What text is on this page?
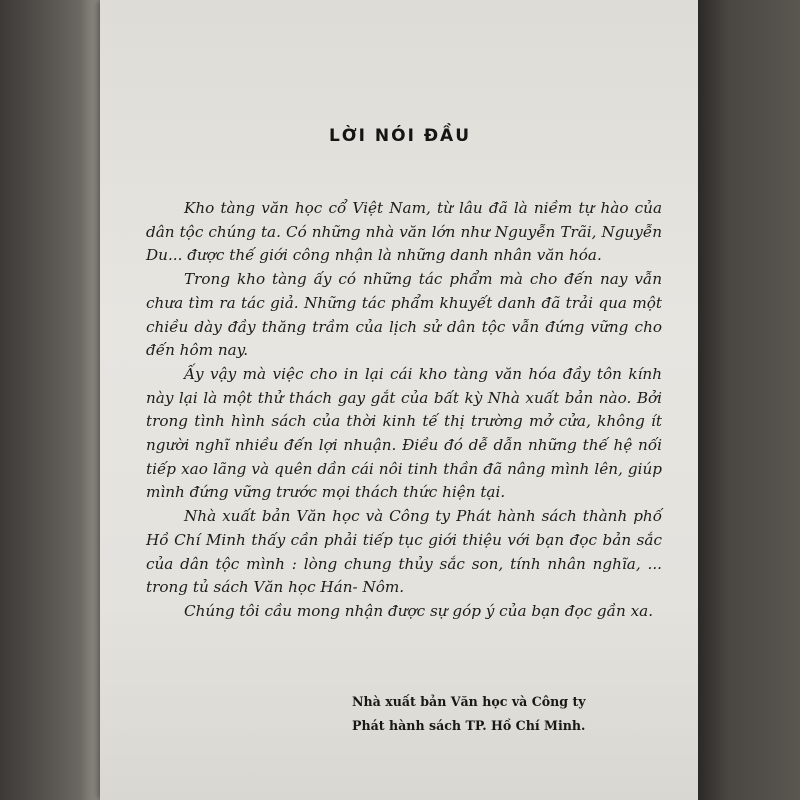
LỜI NÓI ĐẦU

Kho tàng văn học cổ Việt Nam, từ lâu đã là niềm tự hào của dân tộc chúng ta. Có những nhà văn lớn như Nguyễn Trãi, Nguyễn Du... được thế giới công nhận là những danh nhân văn hóa.

Trong kho tàng ấy có những tác phẩm mà cho đến nay vẫn chưa tìm ra tác giả. Những tác phẩm khuyết danh đã trải qua một chiều dày đầy thăng trầm của lịch sử dân tộc vẫn đứng vững cho đến hôm nay.

Ấy vậy mà việc cho in lại cái kho tàng văn hóa đầy tôn kính này lại là một thử thách gay gắt của bất kỳ Nhà xuất bản nào. Bởi trong tình hình sách của thời kinh tế thị trường mở cửa, không ít người nghĩ nhiều đến lợi nhuận. Điều đó dễ dẫn những thế hệ nối tiếp xao lãng và quên dần cái nôi tinh thần đã nâng mình lên, giúp mình đứng vững trước mọi thách thức hiện tại.

Nhà xuất bản Văn học và Công ty Phát hành sách thành phố Hồ Chí Minh thấy cần phải tiếp tục giới thiệu với bạn đọc bản sắc của dân tộc mình : lòng chung thủy sắc son, tính nhân nghĩa, ... trong tủ sách Văn học Hán- Nôm.

Chúng tôi cầu mong nhận được sự góp ý của bạn đọc gần xa.

Nhà xuất bản Văn học và Công ty
Phát hành sách TP. Hồ Chí Minh.
